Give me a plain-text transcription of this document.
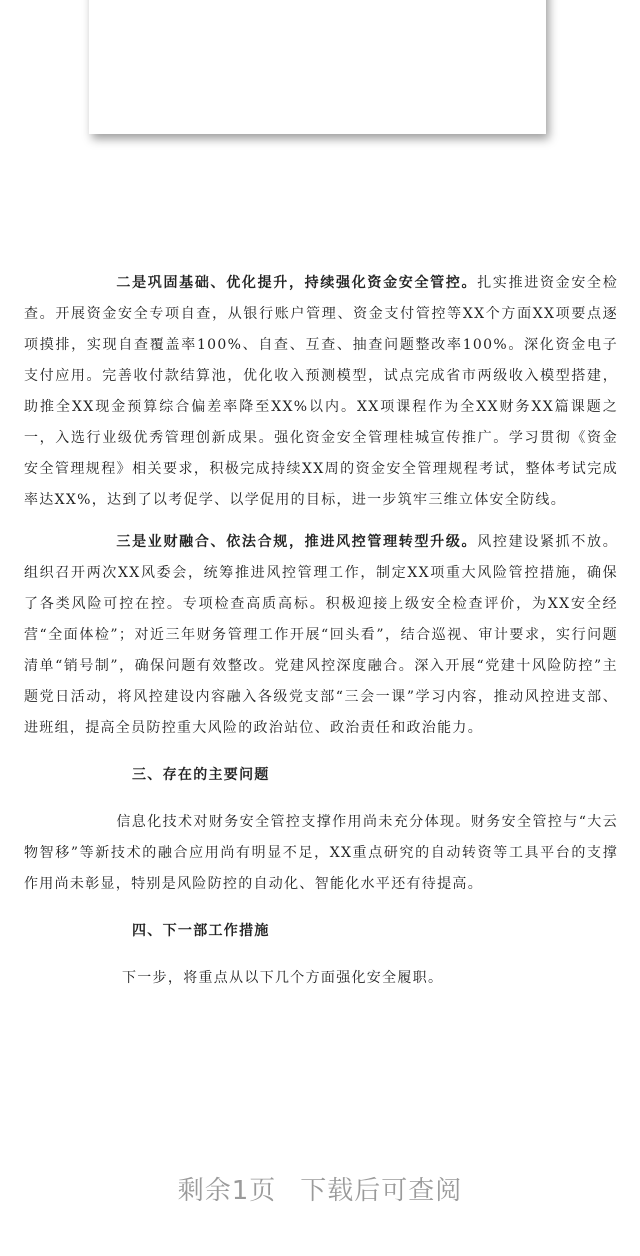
二是巩固基础、优化提升，持续强化资金安全管控。扎实推进资金安全检查。开展资金安全专项自查，从银行账户管理、资金支付管控等XX个方面XX项要点逐项摸排，实现自查覆盖率100%、自查、互查、抽查问题整改率100%。深化资金电子支付应用。完善收付款结算池，优化收入预测模型，试点完成省市两级收入模型搭建，助推全XX现金预算综合偏差率降至XX%以内。XX项课程作为全XX财务XX篇课题之一，入选行业级优秀管理创新成果。强化资金安全管理桂城宣传推广。学习贯彻《资金安全管理规程》相关要求，积极完成持续XX周的资金安全管理规程考试，整体考试完成率达XX%，达到了以考促学、以学促用的目标，进一步筑牢三维立体安全防线。

三是业财融合、依法合规，推进风控管理转型升级。风控建设紧抓不放。组织召开两次XX风委会，统筹推进风控管理工作，制定XX项重大风险管控措施，确保了各类风险可控在控。专项检查高质高标。积极迎接上级安全检查评价，为XX安全经营“全面体检”；对近三年财务管理工作开展“回头看”，结合巡视、审计要求，实行问题清单“销号制”，确保问题有效整改。党建风控深度融合。深入开展“党建十风险防控”主题党日活动，将风控建设内容融入各级党支部“三会一课”学习内容，推动风控进支部、进班组，提高全员防控重大风险的政治站位、政治责任和政治能力。

三、存在的主要问题

信息化技术对财务安全管控支撑作用尚未充分体现。财务安全管控与“大云物智移”等新技术的融合应用尚有明显不足，XX重点研究的自动转资等工具平台的支撑作用尚未彰显，特别是风险防控的自动化、智能化水平还有待提高。

四、下一部工作措施

下一步，将重点从以下几个方面强化安全履职。

剩余1页 下载后可查阅
